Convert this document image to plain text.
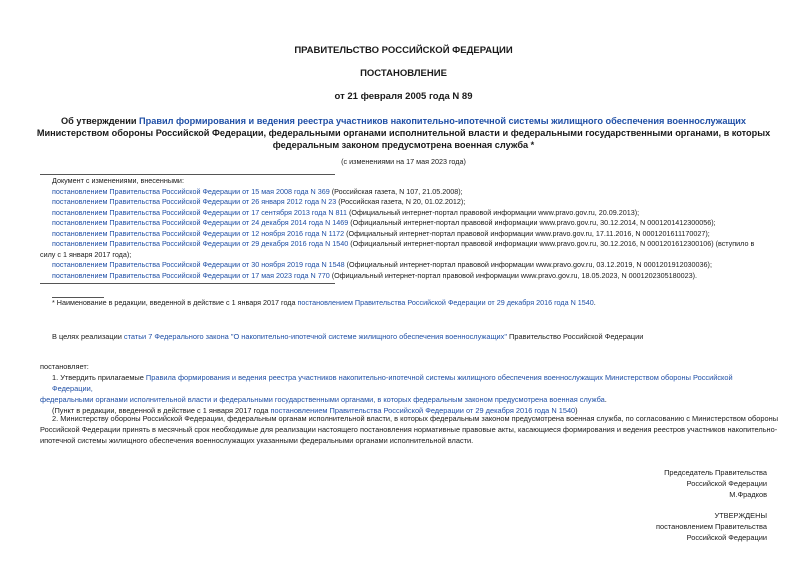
ПРАВИТЕЛЬСТВО РОССИЙСКОЙ ФЕДЕРАЦИИ
ПОСТАНОВЛЕНИЕ
от 21 февраля 2005 года N 89
Об утверждении Правил формирования и ведения реестра участников накопительно-ипотечной системы жилищного обеспечения военнослужащих
Министерством обороны Российской Федерации, федеральными органами исполнительной власти и федеральными государственными органами, в которых
федеральным законом предусмотрена военная служба *
(с изменениями на 17 мая 2023 года)
Документ с изменениями, внесенными:
постановлением Правительства Российской Федерации от 15 мая 2008 года N 369 (Российская газета, N 107, 21.05.2008);
постановлением Правительства Российской Федерации от 26 января 2012 года N 23 (Российская газета, N 20, 01.02.2012);
постановлением Правительства Российской Федерации от 17 сентября 2013 года N 811 (Официальный интернет-портал правовой информации www.pravo.gov.ru, 20.09.2013);
постановлением Правительства Российской Федерации от 24 декабря 2014 года N 1469 (Официальный интернет-портал правовой информации www.pravo.gov.ru, 30.12.2014, N 0001201412300056);
постановлением Правительства Российской Федерации от 12 ноября 2016 года N 1172 (Официальный интернет-портал правовой информации www.pravo.gov.ru, 17.11.2016, N 0001201611170027);
постановлением Правительства Российской Федерации от 29 декабря 2016 года N 1540 (Официальный интернет-портал правовой информации www.pravo.gov.ru, 30.12.2016, N 0001201612300106) (вступило в
силу с 1 января 2017 года);
постановлением Правительства Российской Федерации от 30 ноября 2019 года N 1548 (Официальный интернет-портал правовой информации www.pravo.gov.ru, 03.12.2019, N 0001201912030036);
постановлением Правительства Российской Федерации от 17 мая 2023 года N 770 (Официальный интернет-портал правовой информации www.pravo.gov.ru, 18.05.2023, N 0001202305180023).
* Наименование в редакции, введенной в действие с 1 января 2017 года постановлением Правительства Российской Федерации от 29 декабря 2016 года N 1540.
В целях реализации статьи 7 Федерального закона "О накопительно-ипотечной системе жилищного обеспечения военнослужащих" Правительство Российской Федерации
постановляет:
1. Утвердить прилагаемые Правила формирования и ведения реестра участников накопительно-ипотечной системы жилищного обеспечения военнослужащих Министерством обороны Российской Федерации,
федеральными органами исполнительной власти и федеральными государственными органами, в которых федеральным законом предусмотрена военная служба.
(Пункт в редакции, введенной в действие с 1 января 2017 года постановлением Правительства Российской Федерации от 29 декабря 2016 года N 1540)
2. Министерству обороны Российской Федерации, федеральным органам исполнительной власти, в которых федеральным законом предусмотрена военная служба, по согласованию с Министерством обороны
Российской Федерации принять в месячный срок необходимые для реализации настоящего постановления нормативные правовые акты, касающиеся формирования и ведения реестров участников накопительно-
ипотечной системы жилищного обеспечения военнослужащих указанными федеральными органами исполнительной власти.
Председатель Правительства
Российской Федерации
М.Фрадков
УТВЕРЖДЕНЫ
постановлением Правительства
Российской Федерации
